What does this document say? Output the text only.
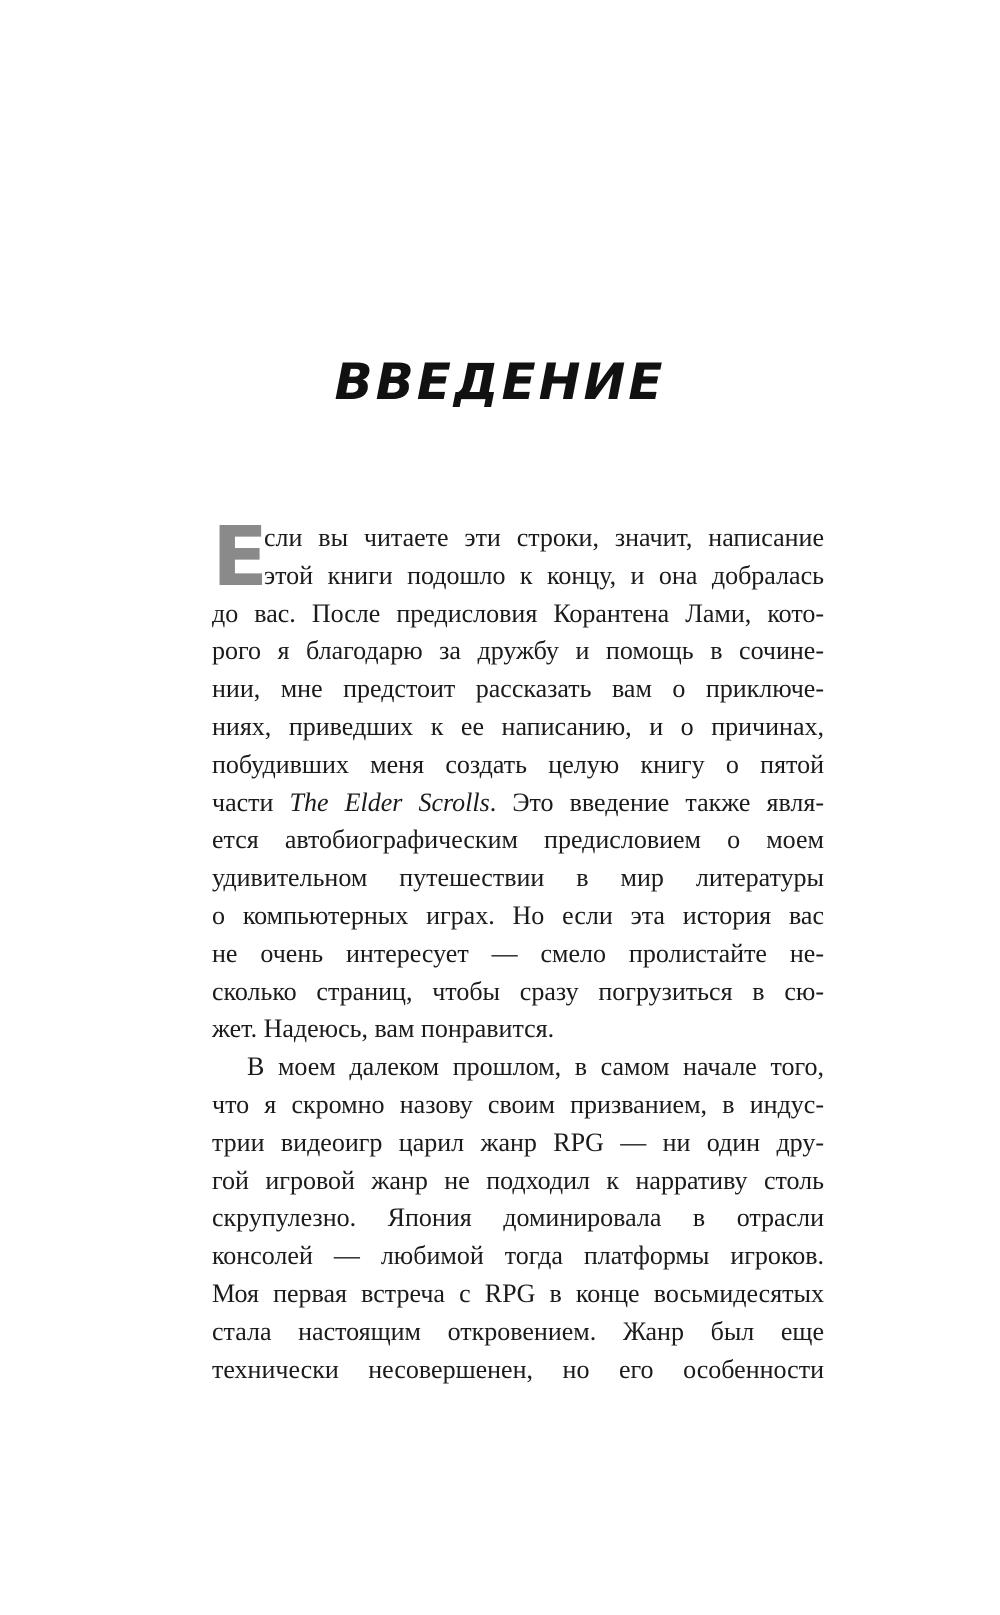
ВВЕДЕНИЕ
Е
сли вы читаете эти строки, значит, написание
этой книги подошло к концу, и она добралась
до вас. После предисловия Корантена Лами, кото-
рого я благодарю за дружбу и помощь в сочине-
нии, мне предстоит рассказать вам о приключе-
ниях, приведших к ее написанию, и о причинах,
побудивших меня создать целую книгу о пятой
части The Elder Scrolls. Это введение также явля-
ется автобиографическим предисловием о моем
удивительном путешествии в мир литературы
о компьютерных играх. Но если эта история вас
не очень интересует — смело пролистайте не-
сколько страниц, чтобы сразу погрузиться в сю-
жет. Надеюсь, вам понравится.
В моем далеком прошлом, в самом начале того,
что я скромно назову своим призванием, в индус-
трии видеоигр царил жанр RPG — ни один дру-
гой игровой жанр не подходил к нарративу столь
скрупулезно. Япония доминировала в отрасли
консолей — любимой тогда платформы игроков.
Моя первая встреча с RPG в конце восьмидесятых
стала настоящим откровением. Жанр был еще
технически несовершенен, но его особенности
